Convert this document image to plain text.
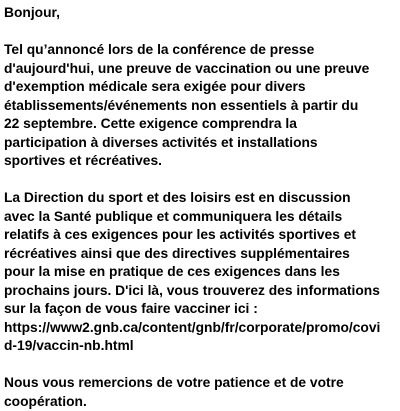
Bonjour,

Tel qu’annoncé lors de la conférence de presse
d'aujourd'hui, une preuve de vaccination ou une preuve
d'exemption médicale sera exigée pour divers
établissements/événements non essentiels à partir du
22 septembre. Cette exigence comprendra la
participation à diverses activités et installations
sportives et récréatives.

La Direction du sport et des loisirs est en discussion
avec la Santé publique et communiquera les détails
relatifs à ces exigences pour les activités sportives et
récréatives ainsi que des directives supplémentaires
pour la mise en pratique de ces exigences dans les
prochains jours. D'ici là, vous trouverez des informations
sur la façon de vous faire vacciner ici :
https://www2.gnb.ca/content/gnb/fr/corporate/promo/covi
d-19/vaccin-nb.html

Nous vous remercions de votre patience et de votre
coopération.
